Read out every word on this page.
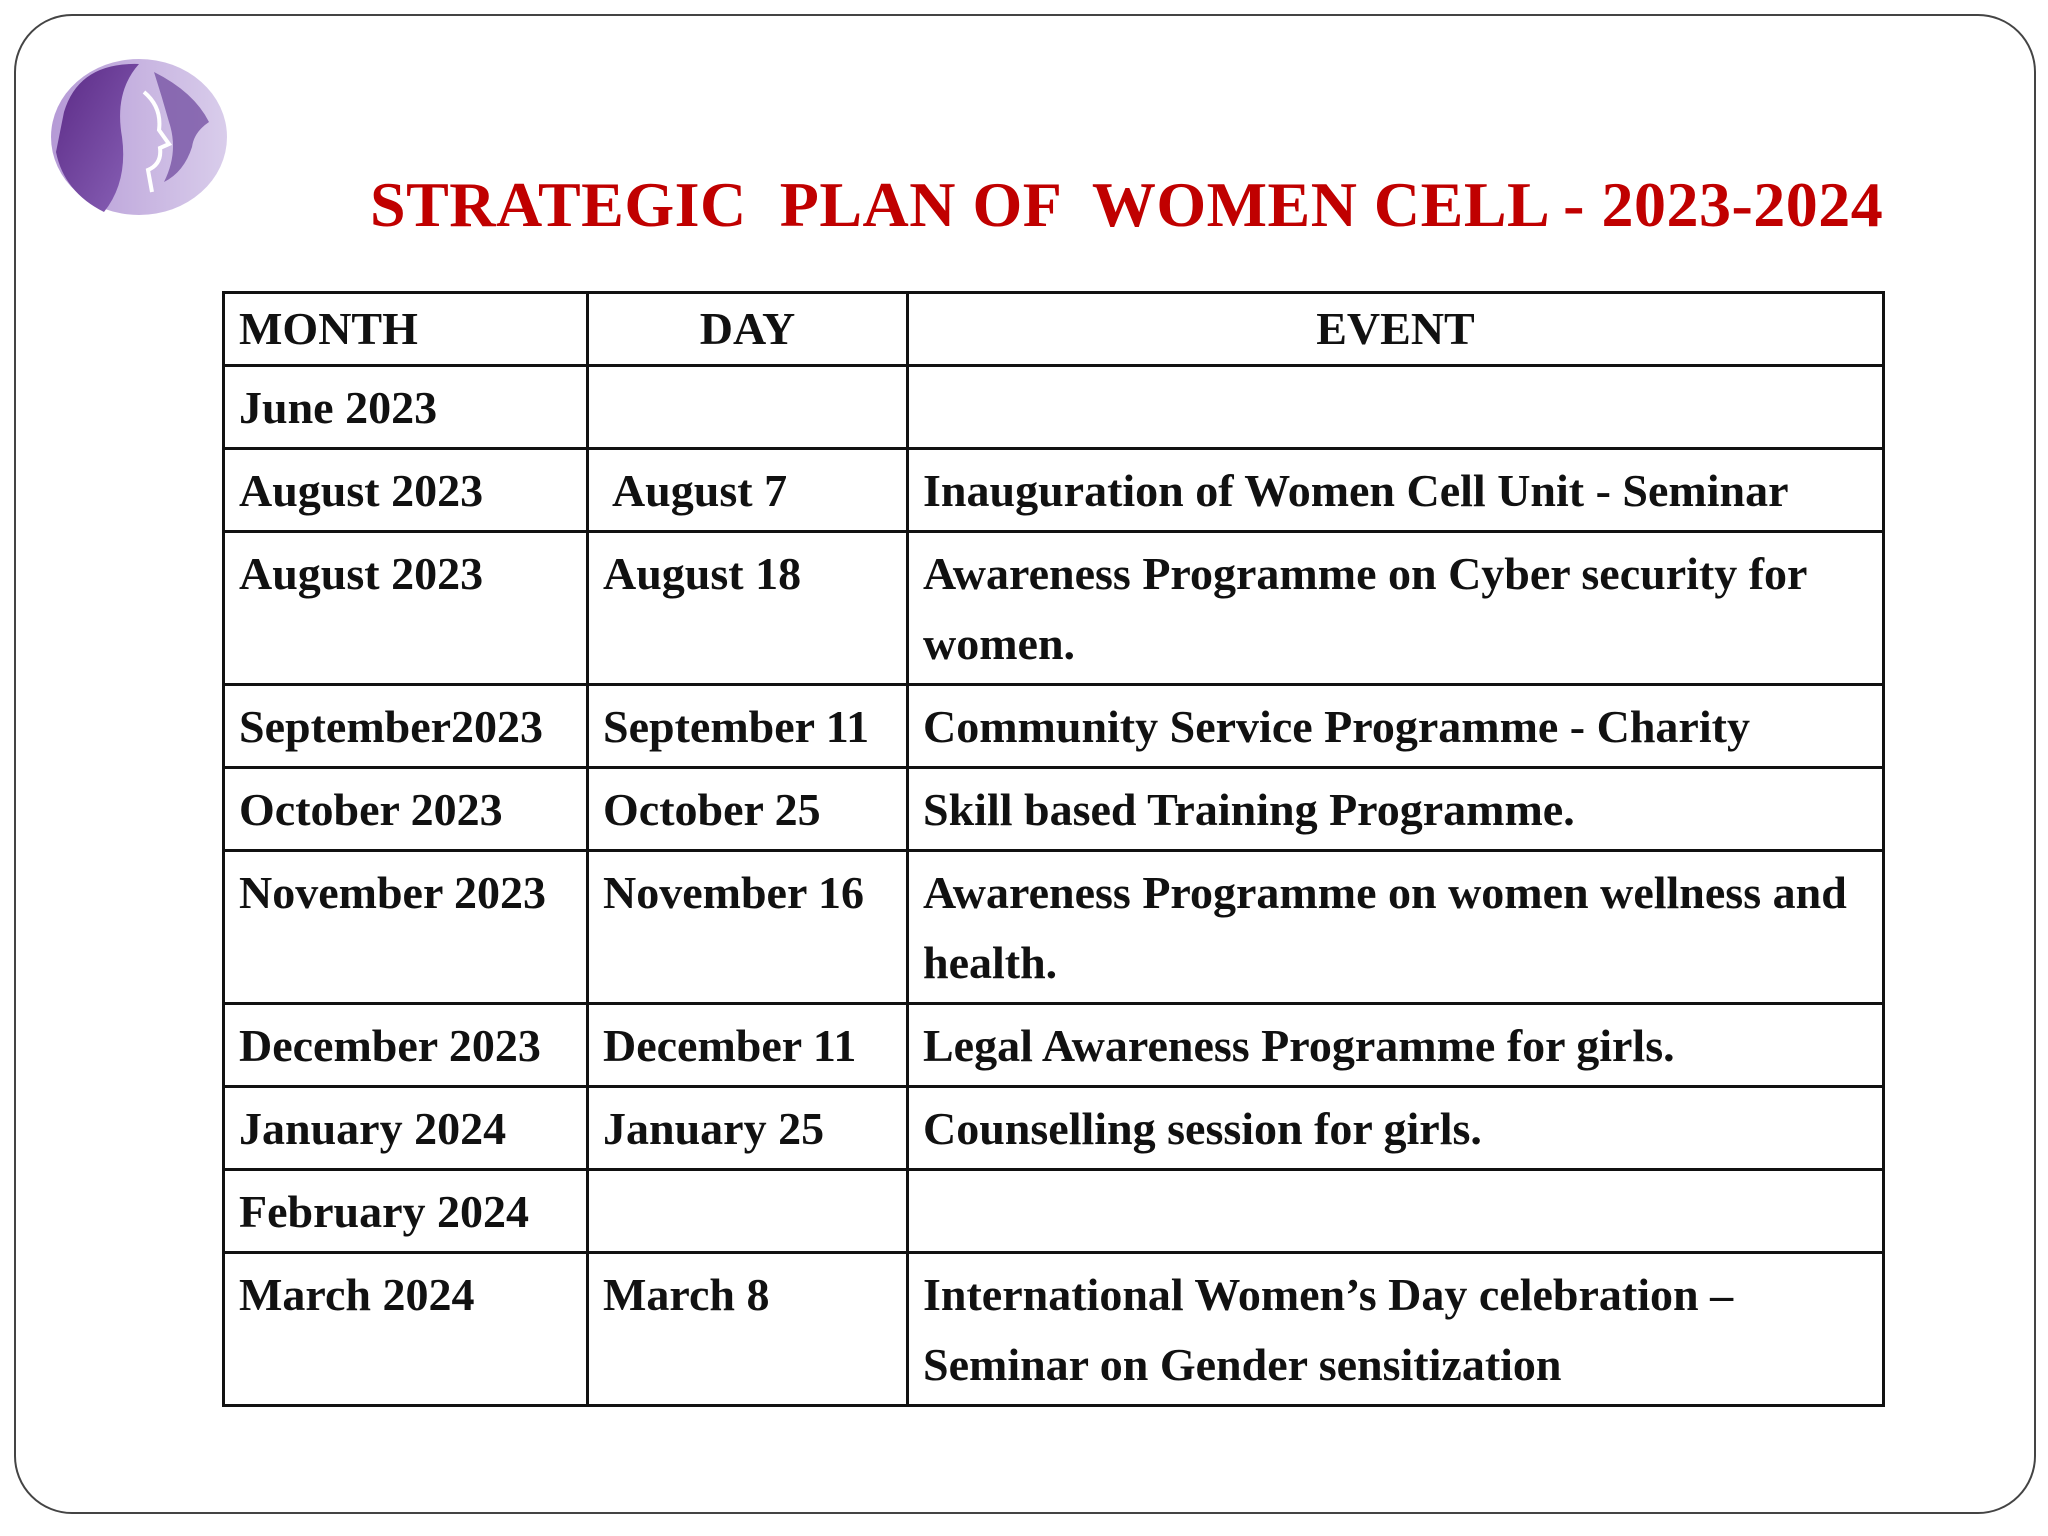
STRATEGIC  PLAN OF  WOMEN CELL - 2023-2024
MONTH	DAY	EVENT
June 2023		
August 2023	August 7	Inauguration of Women Cell Unit - Seminar
August 2023	August 18	Awareness Programme on Cyber security for women.
September2023	September 11	Community Service Programme - Charity
October 2023	October 25	Skill based Training Programme.
November 2023	November 16	Awareness Programme on women wellness and health.
December 2023	December 11	Legal Awareness Programme for girls.
January 2024	January 25	Counselling session for girls.
February 2024		
March 2024	March 8	International Women’s Day celebration – Seminar on Gender sensitization
